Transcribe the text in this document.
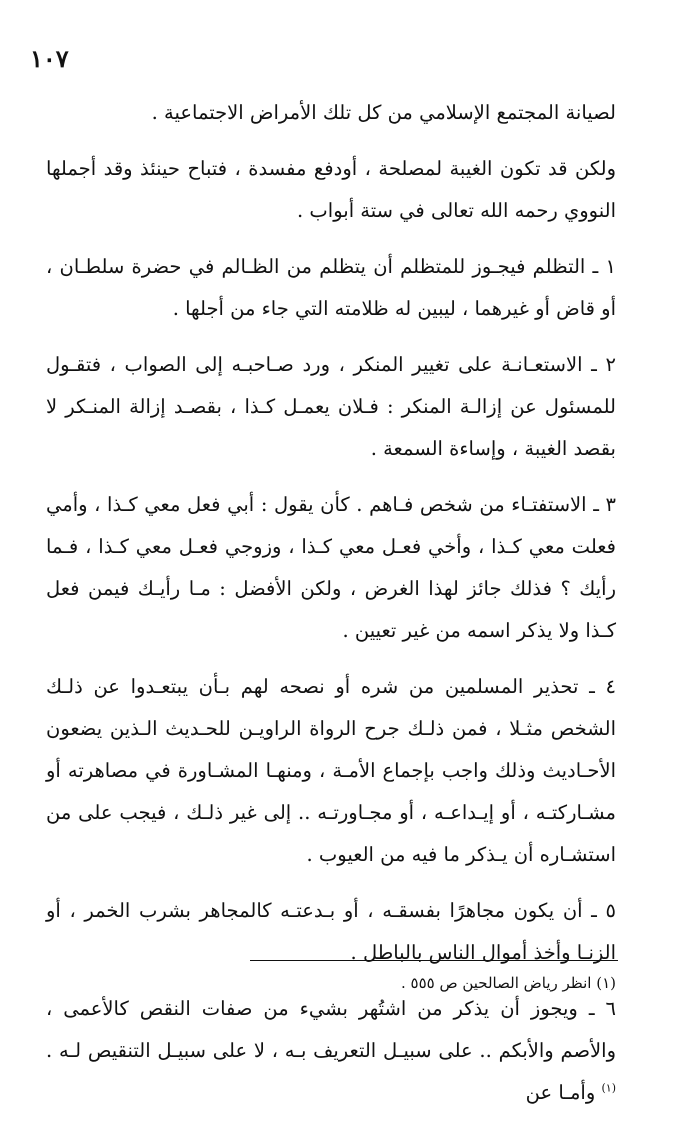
١٠٧

لصيانة المجتمع الإسلامي من كل تلك الأمراض الاجتماعية .

ولكن قد تكون الغيبة لمصلحة ، أودفع مفسدة ، فتباح حينئذ وقد أجملها النووي رحمه الله تعالى في ستة أبواب .

١ ـ التظلم فيجـوز للمتظلم أن يتظلم من الظـالم في حضرة سلطـان ، أو قاض أو غيرهما ، ليبين له ظلامته التي جاء من أجلها .

٢ ـ الاستعـانـة على تغيير المنكر ، ورد صـاحبـه إلى الصواب ، فتقـول للمسئول عن إزالـة المنكر : فـلان يعمـل كـذا ، بقصـد إزالة المنـكر لا بقصد الغيبة ، وإساءة السمعة .

٣ ـ الاستفتـاء من شخص فـاهم . كأن يقول : أبي فعل معي كـذا ، وأمي فعلت معي كـذا ، وأخي فعـل معي كـذا ، وزوجي فعـل معي كـذا ، فـما رأيك ؟ فذلك جائز لهذا الغرض ، ولكن الأفضل : مـا رأيـك فيمن فعل كـذا ولا يذكر اسمه من غير تعيين .

٤ ـ تحذير المسلمين من شره أو نصحه لهم بـأن يبتعـدوا عن ذلـك الشخص مثـلا ، فمن ذلـك جرح الرواة الراويـن للحـديث الـذين يضعون الأحـاديث وذلك واجب بإجماع الأمـة ، ومنهـا المشـاورة في مصاهرته أو مشـاركتـه ، أو إيـداعـه ، أو مجـاورتـه .. إلى غير ذلـك ، فيجب على من استشـاره أن يـذكر ما فيه من العيوب .

٥ ـ أن يكون مجاهرًا بفسقـه ، أو بـدعتـه كالمجاهر بشرب الخمر ، أو الزنـا وأخذ أموال الناس بالباطل .

٦ ـ ويجوز أن يذكر من اشتُهر بشيء من صفات النقص كالأعمى ، والأصم والأبكم .. على سبيـل التعريف بـه ، لا على سبيـل التنقيص لـه . $^{(١)}$ وأمـا عن

(١) انظر رياض الصالحين ص ٥٥٥ .
